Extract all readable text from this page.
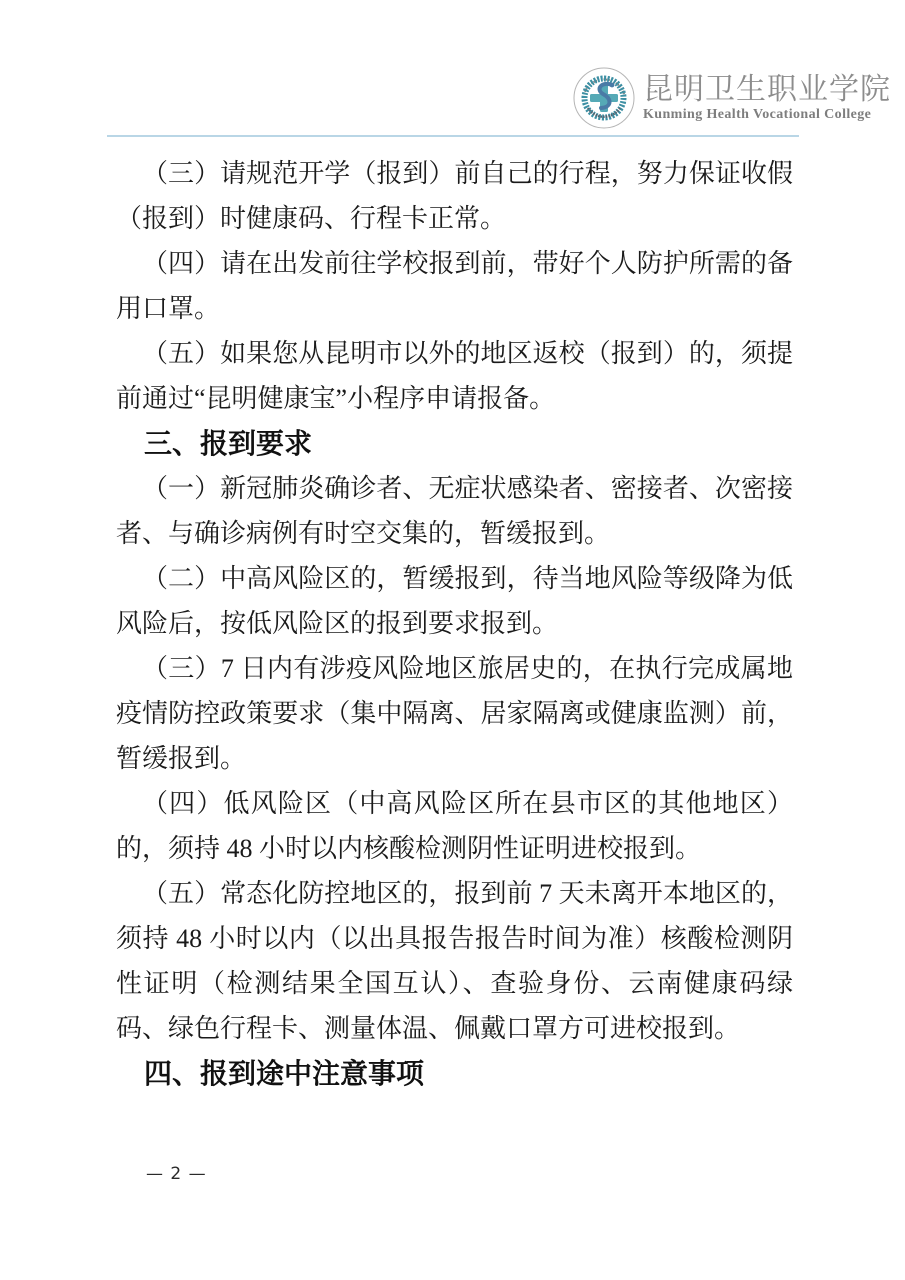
昆明卫生职业学院
Kunming Health Vocational College

（三）请规范开学（报到）前自己的行程，努力保证收假（报到）时健康码、行程卡正常。

（四）请在出发前往学校报到前，带好个人防护所需的备用口罩。

（五）如果您从昆明市以外的地区返校（报到）的，须提前通过“昆明健康宝”小程序申请报备。

三、报到要求

（一）新冠肺炎确诊者、无症状感染者、密接者、次密接者、与确诊病例有时空交集的，暂缓报到。

（二）中高风险区的，暂缓报到，待当地风险等级降为低风险后，按低风险区的报到要求报到。

（三）7 日内有涉疫风险地区旅居史的，在执行完成属地疫情防控政策要求（集中隔离、居家隔离或健康监测）前，暂缓报到。

（四）低风险区（中高风险区所在县市区的其他地区）的，须持 48 小时以内核酸检测阴性证明进校报到。

（五）常态化防控地区的，报到前 7 天未离开本地区的，须持 48 小时以内（以出具报告报告时间为准）核酸检测阴性证明（检测结果全国互认）、查验身份、云南健康码绿码、绿色行程卡、测量体温、佩戴口罩方可进校报到。

四、报到途中注意事项

— 2 —
